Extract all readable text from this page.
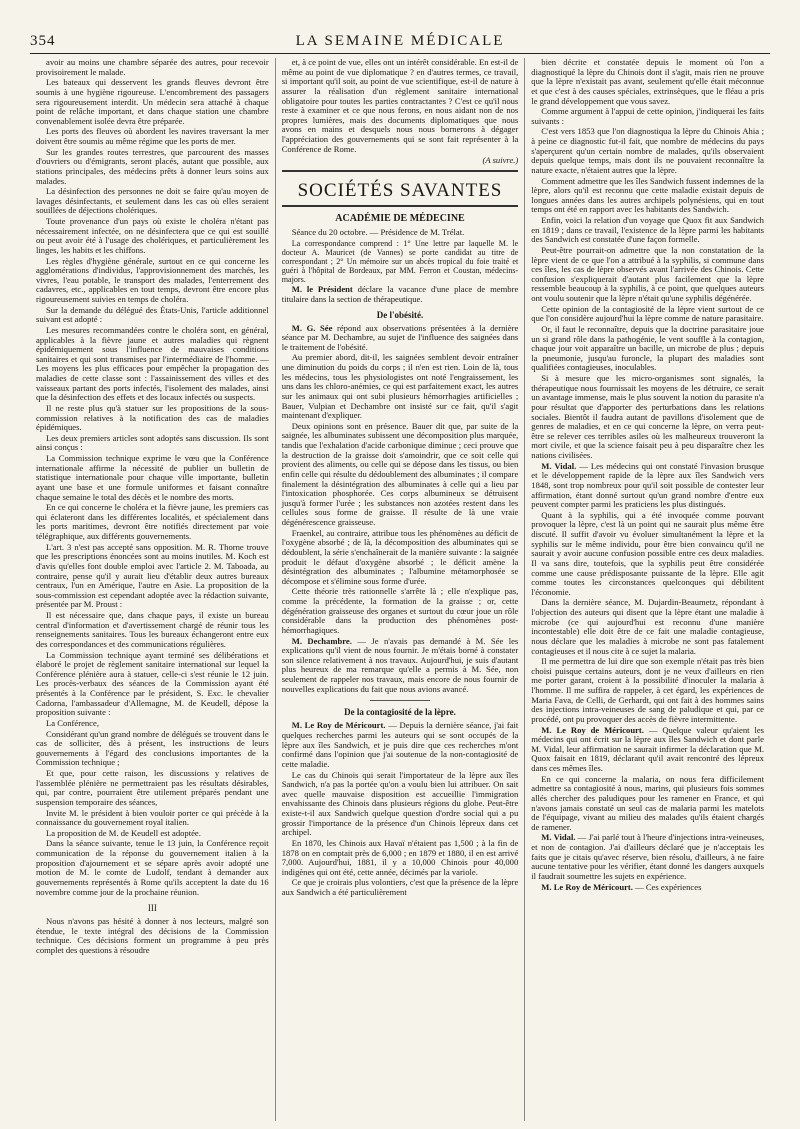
354	LA SEMAINE MÉDICALE

avoir au moins une chambre séparée des autres, pour recevoir provisoirement le malade.

Les bateaux qui desservent les grands fleuves devront être soumis à une hygiène rigoureuse. L'encombrement des passagers sera rigoureusement interdit. Un médecin sera attaché à chaque point de relâche important, et dans chaque station une chambre convenablement isolée devra être préparée.

Les ports des fleuves où abordent les navires traversant la mer doivent être soumis au même régime que les ports de mer.

Sur les grandes routes terrestres, que parcourent des masses d'ouvriers ou d'émigrants, seront placés, autant que possible, aux stations principales, des médecins prêts à donner leurs soins aux malades.

La désinfection des personnes ne doit se faire qu'au moyen de lavages désinfectants, et seulement dans les cas où elles seraient souillées de déjections cholériques.

Toute provenance d'un pays où existe le choléra n'étant pas nécessairement infectée, on ne désinfectera que ce qui est souillé ou peut avoir été à l'usage des cholériques, et particulièrement les linges, les habits et les chiffons.

Les règles d'hygiène générale, surtout en ce qui concerne les agglomérations d'individus, l'approvisionnement des marchés, les vivres, l'eau potable, le transport des malades, l'enterrement des cadavres, etc., applicables en tout temps, devront être encore plus rigoureusement suivies en temps de choléra.

Sur la demande du délégué des États-Unis, l'article additionnel suivant est adopté :

Les mesures recommandées contre le choléra sont, en général, applicables à la fièvre jaune et autres maladies qui règnent épidémiquement sous l'influence de mauvaises conditions sanitaires et qui sont transmises par l'intermédiaire de l'homme. — Les moyens les plus efficaces pour empêcher la propagation des maladies de cette classe sont : l'assainissement des villes et des vaisseaux partant des ports infectés, l'isolement des malades, ainsi que la désinfection des effets et des locaux infectés ou suspects.

Il ne reste plus qu'à statuer sur les propositions de la sous-commission relatives à la notification des cas de maladies épidémiques.

Les deux premiers articles sont adoptés sans discussion. Ils sont ainsi conçus :

La Commission technique exprime le vœu que la Conférence internationale affirme la nécessité de publier un bulletin de statistique internationale pour chaque ville importante, bulletin ayant une base et une formule uniformes et faisant connaître chaque semaine le total des décès et le nombre des morts.

En ce qui concerne le choléra et la fièvre jaune, les premiers cas qui éclateront dans les différentes localités, et spécialement dans les ports maritimes, devront être notifiés directement par voie télégraphique, aux différents gouvernements.

L'art. 3 n'est pas accepté sans opposition. M. R. Thorne trouve que les prescriptions énoncées sont au moins inutiles. M. Koch est d'avis qu'elles font double emploi avec l'article 2. M. Taboada, au contraire, pense qu'il y aurait lieu d'établir deux autres bureaux centraux, l'un en Amérique, l'autre en Asie. La proposition de la sous-commission est cependant adoptée avec la rédaction suivante, présentée par M. Proust :

Il est nécessaire que, dans chaque pays, il existe un bureau central d'information et d'avertissement chargé de réunir tous les renseignements sanitaires. Tous les bureaux échangeront entre eux des correspondances et des communications régulières.

La Commission technique ayant terminé ses délibérations et élaboré le projet de règlement sanitaire international sur lequel la Conférence plénière aura à statuer, celle-ci s'est réunie le 12 juin. Les procès-verbaux des séances de la Commission ayant été présentés à la Conférence par le président, S. Exc. le chevalier Cadorna, l'ambassadeur d'Allemagne, M. de Keudell, dépose la proposition suivante :

La Conférence,

Considérant qu'un grand nombre de délégués se trouvent dans le cas de solliciter, dès à présent, les instructions de leurs gouvernements à l'égard des conclusions importantes de la Commission technique ;

Et que, pour cette raison, les discussions y relatives de l'assemblée plénière ne permettraient pas les résultats désirables, qui, par contre, pourraient être utilement préparés pendant une suspension temporaire des séances,

Invite M. le président à bien vouloir porter ce qui précède à la connaissance du gouvernement royal italien.

La proposition de M. de Keudell est adoptée.

Dans la séance suivante, tenue le 13 juin, la Conférence reçoit communication de la réponse du gouvernement italien à la proposition d'ajournement et se sépare après avoir adopté une motion de M. le comte de Ludolf, tendant à demander aux gouvernements représentés à Rome qu'ils acceptent la date du 16 novembre comme jour de la prochaine réunion.

III

Nous n'avons pas hésité à donner à nos lecteurs, malgré son étendue, le texte intégral des décisions de la Commission technique. Ces décisions forment un programme à peu près complet des questions à résoudre

et, à ce point de vue, elles ont un intérêt considérable. En est-il de même au point de vue diplomatique ? en d'autres termes, ce travail, si important qu'il soit, au point de vue scientifique, est-il de nature à assurer la réalisation d'un règlement sanitaire international obligatoire pour toutes les parties contractantes ? C'est ce qu'il nous reste à examiner et ce que nous ferons, en nous aidant non de nos propres lumières, mais des documents diplomatiques que nous avons en mains et desquels nous nous bornerons à dégager l'appréciation des gouvernements qui se sont fait représenter à la Conférence de Rome.

(A suivre.)
SOCIÉTÉS SAVANTES
ACADÉMIE DE MÉDECINE

Séance du 20 octobre. — Présidence de M. Trélat.

La correspondance comprend : 1° Une lettre par laquelle M. le docteur A. Mauricet (de Vannes) se porte candidat au titre de correspondant ; 2° Un mémoire sur un abcès tropical du foie traité et guéri à l'hôpital de Bordeaux, par MM. Ferron et Coustan, médecins-majors.

M. le Président déclare la vacance d'une place de membre titulaire dans la section de thérapeutique.

De l'obésité.

M. G. Sée répond aux observations présentées à la dernière séance par M. Dechambre, au sujet de l'influence des saignées dans le traitement de l'obésité.

Au premier abord, dit-il, les saignées semblent devoir entraîner une diminution du poids du corps ; il n'en est rien. Loin de là, tous les médecins, tous les physiologistes ont noté l'engraissement, les uns dans les chloro-anémies, ce qui est parfaitement exact, les autres sur les animaux qui ont subi plusieurs hémorrhagies artificielles ; Bauer, Vulpian et Dechambre ont insisté sur ce fait, qu'il s'agit maintenant d'expliquer.

Deux opinions sont en présence. Bauer dit que, par suite de la saignée, les albuminates subissent une décomposition plus marquée, tandis que l'exhalation d'acide carbonique diminue ; ceci prouve que la destruction de la graisse doit s'amoindrir, que ce soit celle qui provient des aliments, ou celle qui se dépose dans les tissus, ou bien enfin celle qui résulte du dédoublement des albuminates ; il compare finalement la désintégration des albuminates à celle qui a lieu par l'intoxication phosphorée. Ces corps albumineux se détruisent jusqu'à former l'urée ; les substances non azotées restent dans les cellules sous forme de graisse. Il résulte de là une vraie dégénérescence graisseuse.

Fraenkel, au contraire, attribue tous les phénomènes au déficit de l'oxygène absorbé ; de là, la décomposition des albuminates qui se dédoublent, la série s'enchaînerait de la manière suivante : la saignée produit le défaut d'oxygène absorbé ; le déficit amène la désintégration des albuminates ; l'albumine métamorphosée se décompose et s'élimine sous forme d'urée.

Cette théorie très rationnelle s'arrête là ; elle n'explique pas, comme la précédente, la formation de la graisse ; or, cette dégénération graisseuse des organes et surtout du cœur joue un rôle considérable dans la production des phénomènes post-hémorrhagiques.

M. Dechambre. — Je n'avais pas demandé à M. Sée les explications qu'il vient de nous fournir. Je m'étais borné à constater son silence relativement à nos travaux. Aujourd'hui, je suis d'autant plus heureux de ma remarque qu'elle a permis à M. Sée, non seulement de rappeler nos travaux, mais encore de nous fournir de nouvelles explications du fait que nous avions avancé.

De la contagiosité de la lèpre.

M. Le Roy de Méricourt. — Depuis la dernière séance, j'ai fait quelques recherches parmi les auteurs qui se sont occupés de la lèpre aux îles Sandwich, et je puis dire que ces recherches m'ont confirmé dans l'opinion que j'ai soutenue de la non-contagiosité de cette maladie.

Le cas du Chinois qui serait l'importateur de la lèpre aux îles Sandwich, n'a pas la portée qu'on a voulu bien lui attribuer. On sait avec quelle mauvaise disposition est accueillie l'immigration envahissante des Chinois dans plusieurs régions du globe. Peut-être existe-t-il aux Sandwich quelque question d'ordre social qui a pu grossir l'importance de la présence d'un Chinois lépreux dans cet archipel.

En 1870, les Chinois aux Havaï n'étaient pas 1,500 ; à la fin de 1878 on en comptait près de 6,000 ; en 1879 et 1880, il en est arrivé 7,000. Aujourd'hui, 1881, il y a 10,000 Chinois pour 40,000 indigènes qui ont été, cette année, décimés par la variole.

Ce que je croirais plus volontiers, c'est que la présence de la lèpre aux Sandwich a été particulièrement

bien décrite et constatée depuis le moment où l'on a diagnostiqué la lèpre du Chinois dont il s'agit, mais rien ne prouve que la lèpre n'existait pas avant, seulement qu'elle était méconnue et que c'est à des causes spéciales, extrinsèques, que le fléau a pris le grand développement que vous savez.

Comme argument à l'appui de cette opinion, j'indiquerai les faits suivants :

C'est vers 1853 que l'on diagnostiqua la lèpre du Chinois Ahia ; à peine ce diagnostic fut-il fait, que nombre de médecins du pays s'aperçurent qu'un certain nombre de malades, qu'ils observaient depuis quelque temps, mais dont ils ne pouvaient reconnaître la nature exacte, n'étaient autres que la lèpre.

Comment admettre que les îles Sandwich fussent indemnes de la lèpre, alors qu'il est reconnu que cette maladie existait depuis de longues années dans les autres archipels polynésiens, qui en tout temps ont été en rapport avec les habitants des Sandwich.

Enfin, voici la relation d'un voyage que Quox fit aux Sandwich en 1819 ; dans ce travail, l'existence de la lèpre parmi les habitants des Sandwich est constatée d'une façon formelle.

Peut-être pourrait-on admettre que la non constatation de la lèpre vient de ce que l'on a attribué à la syphilis, si commune dans ces îles, les cas de lèpre observés avant l'arrivée des Chinois. Cette confusion s'expliquerait d'autant plus facilement que la lèpre ressemble beaucoup à la syphilis, à ce point, que quelques auteurs ont voulu soutenir que la lèpre n'était qu'une syphilis dégénérée.

Cette opinion de la contagiosité de la lèpre vient surtout de ce que l'on considère aujourd'hui la lèpre comme de nature parasitaire.

Or, il faut le reconnaître, depuis que la doctrine parasitaire joue un si grand rôle dans la pathogénie, le vent souffle à la contagion, chaque jour voit apparaître un bacille, un microbe de plus ; depuis la pneumonie, jusqu'au furoncle, la plupart des maladies sont qualifiées contagieuses, inoculables.

Si à mesure que les micro-organismes sont signalés, la thérapeutique nous fournissait les moyens de les détruire, ce serait un avantage immense, mais le plus souvent la notion du parasite n'a pour résultat que d'apporter des perturbations dans les relations sociales. Bientôt il faudra autant de pavillons d'isolement que de genres de maladies, et en ce qui concerne la lèpre, on verra peut-être se relever ces terribles asiles où les malheureux trouveront la mort civile, et que la science faisait peu à peu disparaître chez les nations civilisées.

M. Vidal. — Les médecins qui ont constaté l'invasion brusque et le développement rapide de la lèpre aux îles Sandwich vers 1848, sont trop nombreux pour qu'il soit possible de contester leur affirmation, étant donné surtout qu'un grand nombre d'entre eux peuvent compter parmi les praticiens les plus distingués.

Quant à la syphilis, qui a été invoquée comme pouvant provoquer la lèpre, c'est là un point qui ne saurait plus même être discuté. Il suffit d'avoir vu évoluer simultanément la lèpre et la syphilis sur le même individu, pour être bien convaincu qu'il ne saurait y avoir aucune confusion possible entre ces deux maladies. Il va sans dire, toutefois, que la syphilis peut être considérée comme une cause prédisposante puissante de la lèpre. Elle agit comme toutes les circonstances quelconques qui débilitent l'économie.

Dans la dernière séance, M. Dujardin-Beaumetz, répondant à l'objection des auteurs qui disent que la lèpre étant une maladie à microbe (ce qui aujourd'hui est reconnu d'une manière incontestable) elle doit être de ce fait une maladie contagieuse, nous déclare que les maladies à microbe ne sont pas fatalement contagieuses et il nous cite à ce sujet la malaria.

Il me permettra de lui dire que son exemple n'était pas très bien choisi puisque certains auteurs, dont je ne veux d'ailleurs en rien me porter garant, croient à la possibilité d'inoculer la malaria à l'homme. Il me suffira de rappeler, à cet égard, les expériences de Maria Fava, de Celli, de Gerhardt, qui ont fait à des hommes sains des injections intra-veineuses de sang de paludique et qui, par ce procédé, ont pu provoquer des accès de fièvre intermittente.

M. Le Roy de Méricourt. — Quelque valeur qu'aient les médecins qui ont écrit sur la lèpre aux îles Sandwich et dont parle M. Vidal, leur affirmation ne saurait infirmer la déclaration que M. Quox faisait en 1819, déclarant qu'il avait rencontré des lépreux dans ces mêmes îles.

En ce qui concerne la malaria, on nous fera difficilement admettre sa contagiosité à nous, marins, qui plusieurs fois sommes allés chercher des paludiques pour les ramener en France, et qui n'avons jamais constaté un seul cas de malaria parmi les matelots de l'équipage, vivant au milieu des malades qu'ils étaient chargés de ramener.

M. Vidal. — J'ai parlé tout à l'heure d'injections intra-veineuses, et non de contagion. J'ai d'ailleurs déclaré que je n'acceptais les faits que je citais qu'avec réserve, bien résolu, d'ailleurs, à ne faire aucune tentative pour les vérifier, étant donné les dangers auxquels il faudrait soumettre les sujets en expérience.

M. Le Roy de Méricourt. — Ces expériences
